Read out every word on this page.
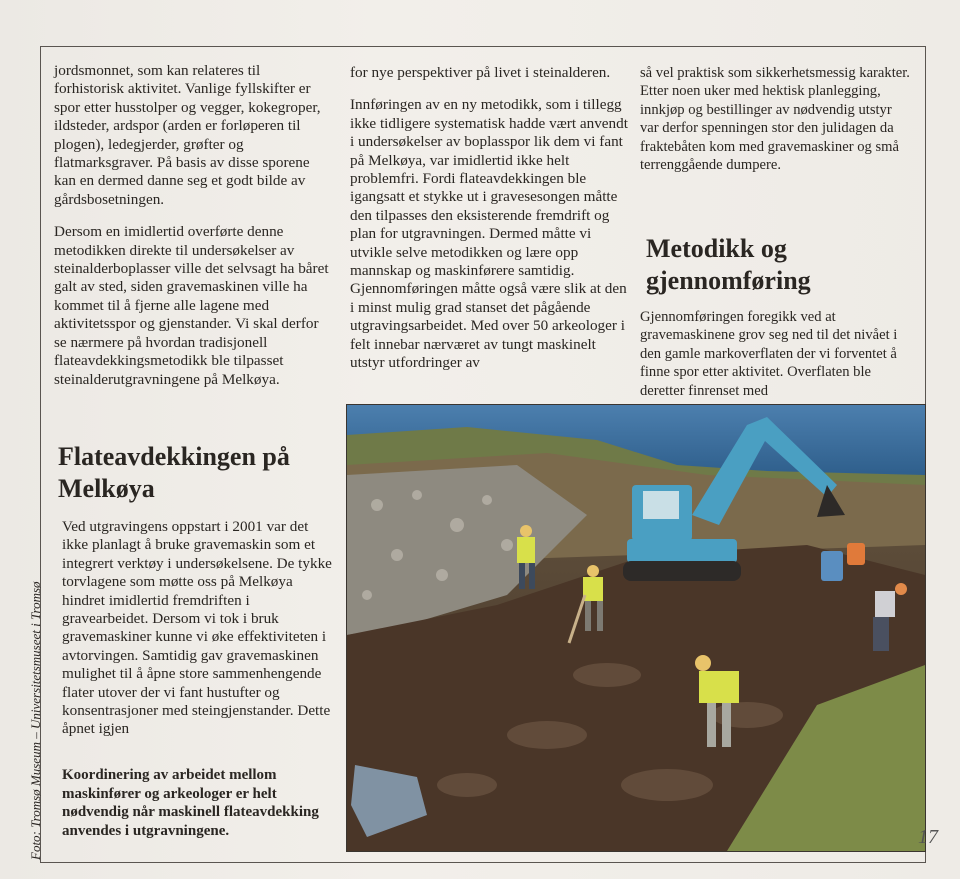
jordsmonnet, som kan relateres til forhistorisk aktivitet. Vanlige fyllskifter er spor etter husstolper og vegger, kokegroper, ildsteder, ardspor (arden er forløperen til plogen), ledegjerder, grøfter og flatmarksgraver. På basis av disse sporene kan en dermed danne seg et godt bilde av gårdsbosetningen.

Dersom en imidlertid overførte denne metodikken direkte til undersøkelser av steinalderboplasser ville det selvsagt ha båret galt av sted, siden gravemaskinen ville ha kommet til å fjerne alle lagene med aktivitetsspor og gjenstander. Vi skal derfor se nærmere på hvordan tradisjonell flateavdekkingsmetodikk ble tilpasset steinalderutgravningene på Melkøya.

Flateavdekkingen på Melkøya

Ved utgravingens oppstart i 2001 var det ikke planlagt å bruke gravemaskin som et integrert verktøy i undersøkelsene. De tykke torvlagene som møtte oss på Melkøya hindret imidlertid fremdriften i gravearbeidet. Dersom vi tok i bruk gravemaskiner kunne vi øke effektiviteten i avtorvingen. Samtidig gav gravemaskinen mulighet til å åpne store sammenhengende flater utover der vi fant hustufter og konsentrasjoner med steingjenstander. Dette åpnet igjen

Koordinering av arbeidet mellom maskinfører og arkeologer er helt nødvendig når maskinell flateavdekking anvendes i utgravningene.

for nye perspektiver på livet i steinalderen.

Innføringen av en ny metodikk, som i tillegg ikke tidligere systematisk hadde vært anvendt i undersøkelser av boplasspor lik dem vi fant på Melkøya, var imidlertid ikke helt problemfri. Fordi flateavdekkingen ble igangsatt et stykke ut i gravesesongen måtte den tilpasses den eksisterende fremdrift og plan for utgravningen. Dermed måtte vi utvikle selve metodikken og lære opp mannskap og maskinførere samtidig. Gjennomføringen måtte også være slik at den i minst mulig grad stanset det pågående utgravingsarbeidet. Med over 50 arkeologer i felt innebar nærværet av tungt maskinelt utstyr utfordringer av

så vel praktisk som sikkerhetsmessig karakter. Etter noen uker med hektisk planlegging, innkjøp og bestillinger av nødvendig utstyr var derfor spenningen stor den julidagen da fraktebåten kom med gravemaskiner og små terrenggående dumpere.

Metodikk og gjennomføring

Gjennomføringen foregikk ved at gravemaskinene grov seg ned til det nivået i den gamle markoverflaten der vi forventet å finne spor etter aktivitet. Overflaten ble deretter finrenset med

Foto: Tromsø Museum – Universitetsmuseet i Tromsø	17
